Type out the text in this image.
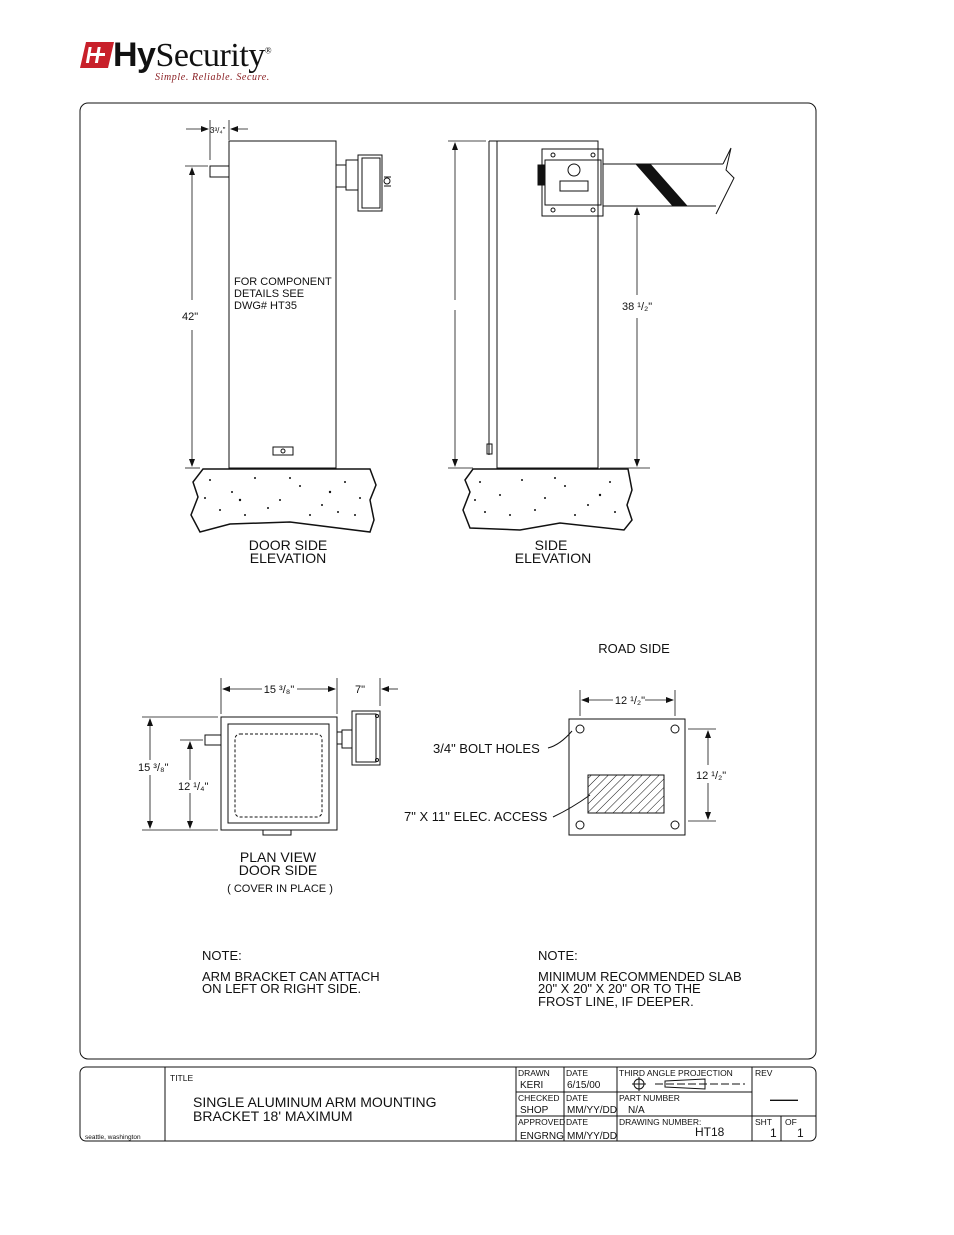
HySecurity®
Simple. Reliable. Secure.
3³/₄"
42"
FOR COMPONENT
DETAILS SEE
DWG# HT35
DOOR SIDE
ELEVATION
38 ¹/₂"
SIDE
ELEVATION
15 ³/₈"	7"
15 ³/₈"
12 ¹/₄"
PLAN VIEW
DOOR SIDE
( COVER IN PLACE )
ROAD SIDE
12 ¹/₂"
12 ¹/₂"
3/4" BOLT HOLES
7" X 11" ELEC. ACCESS
NOTE:
ARM BRACKET CAN ATTACH
ON LEFT OR RIGHT SIDE.
NOTE:
MINIMUM RECOMMENDED SLAB
20" X 20" X 20" OR TO THE
FROST LINE, IF DEEPER.
seattle, washington
TITLE
SINGLE ALUMINUM ARM MOUNTING
BRACKET 18' MAXIMUM
DRAWN
KERI
DATE
6/15/00
THIRD ANGLE PROJECTION
CHECKED
SHOP
DATE
MM/YY/DD
PART NUMBER
N/A
APPROVED
ENGRNG
DATE
MM/YY/DD
DRAWING NUMBER:
HT18
REV
——
SHT OF
1 1
